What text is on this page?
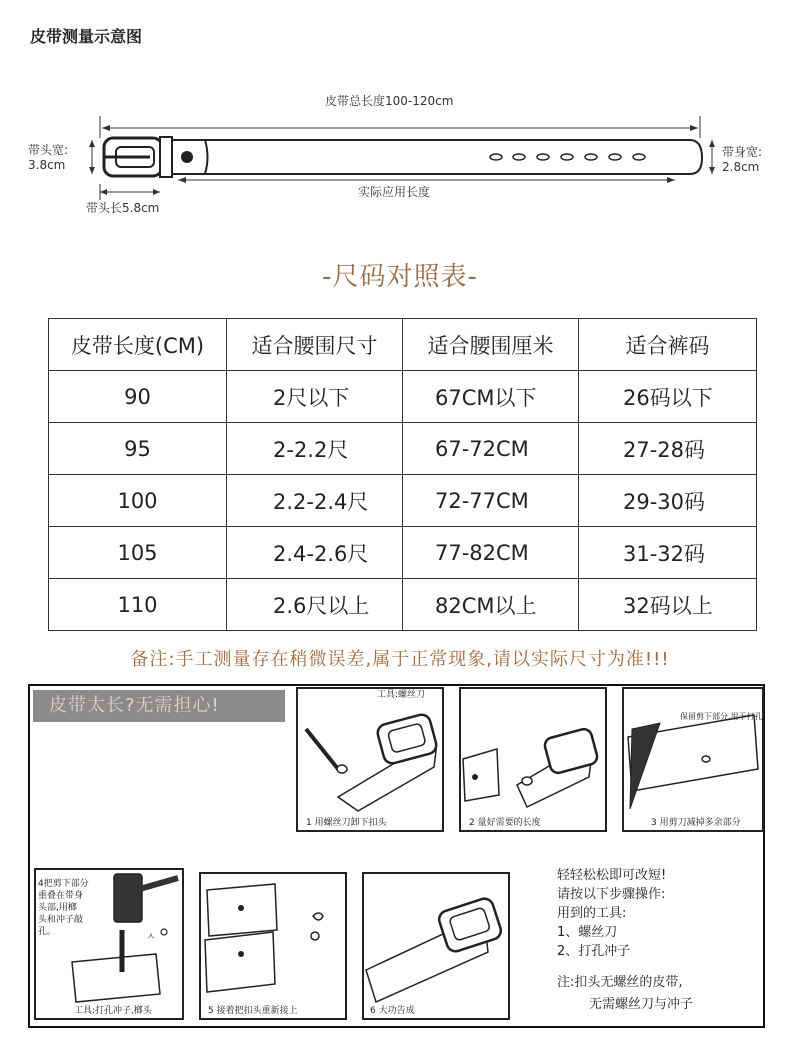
皮带测量示意图
皮带总长度100-120cm
带头宽:
3.8cm
带身宽:
2.8cm
实际应用长度
带头长5.8cm
-尺码对照表-
皮带长度(CM)	适合腰围尺寸	适合腰围厘米	适合裤码
90	2尺以下	67CM以下	26码以下
95	2-2.2尺	67-72CM	27-28码
100	2.2-2.4尺	72-77CM	29-30码
105	2.4-2.6尺	77-82CM	31-32码
110	2.6尺以上	82CM以上	32码以上
备注:手工测量存在稍微误差,属于正常现象,请以实际尺寸为准!!!
皮带太长?无需担心!	工具:螺丝刀
1 用螺丝刀卸下扣头	2 量好需要的长度
保留剪下部分,用于打孔
3 用剪刀减掉多余部分
ㅅ
4把剪下部分
重叠在带身
头部,用榔
头和冲子敲
孔。
工具:打孔冲子,榔头	5 接着把扣头重新接上	6 大功告成
轻轻松松即可改短!
请按以下步骤操作:
用到的工具:
1、螺丝刀
2、打孔冲子
注:扣头无螺丝的皮带,
无需螺丝刀与冲子
